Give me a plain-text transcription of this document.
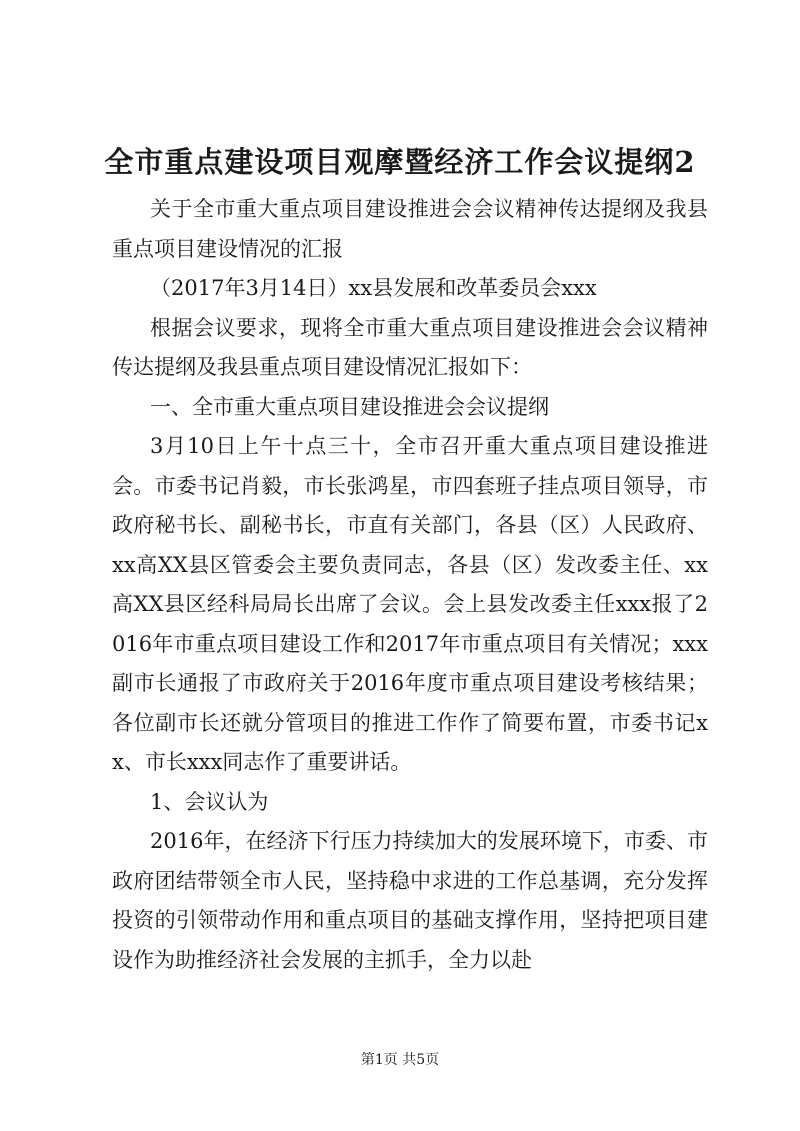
全市重点建设项目观摩暨经济工作会议提纲2

关于全市重大重点项目建设推进会会议精神传达提纲及我县重点项目建设情况的汇报

（2017年3月14日）xx县发展和改革委员会xxx

根据会议要求，现将全市重大重点项目建设推进会会议精神传达提纲及我县重点项目建设情况汇报如下：

一、全市重大重点项目建设推进会会议提纲

3月10日上午十点三十，全市召开重大重点项目建设推进会。市委书记肖毅，市长张鸿星，市四套班子挂点项目领导，市政府秘书长、副秘书长，市直有关部门，各县（区）人民政府、xx高XX县区管委会主要负责同志，各县（区）发改委主任、xx高XX县区经科局局长出席了会议。会上县发改委主任xxx报了2016年市重点项目建设工作和2017年市重点项目有关情况；xxx副市长通报了市政府关于2016年度市重点项目建设考核结果；各位副市长还就分管项目的推进工作作了简要布置，市委书记xx、市长xxx同志作了重要讲话。

1、会议认为

2016年，在经济下行压力持续加大的发展环境下，市委、市政府团结带领全市人民，坚持稳中求进的工作总基调，充分发挥投资的引领带动作用和重点项目的基础支撑作用，坚持把项目建设作为助推经济社会发展的主抓手，全力以赴

第1页 共5页
